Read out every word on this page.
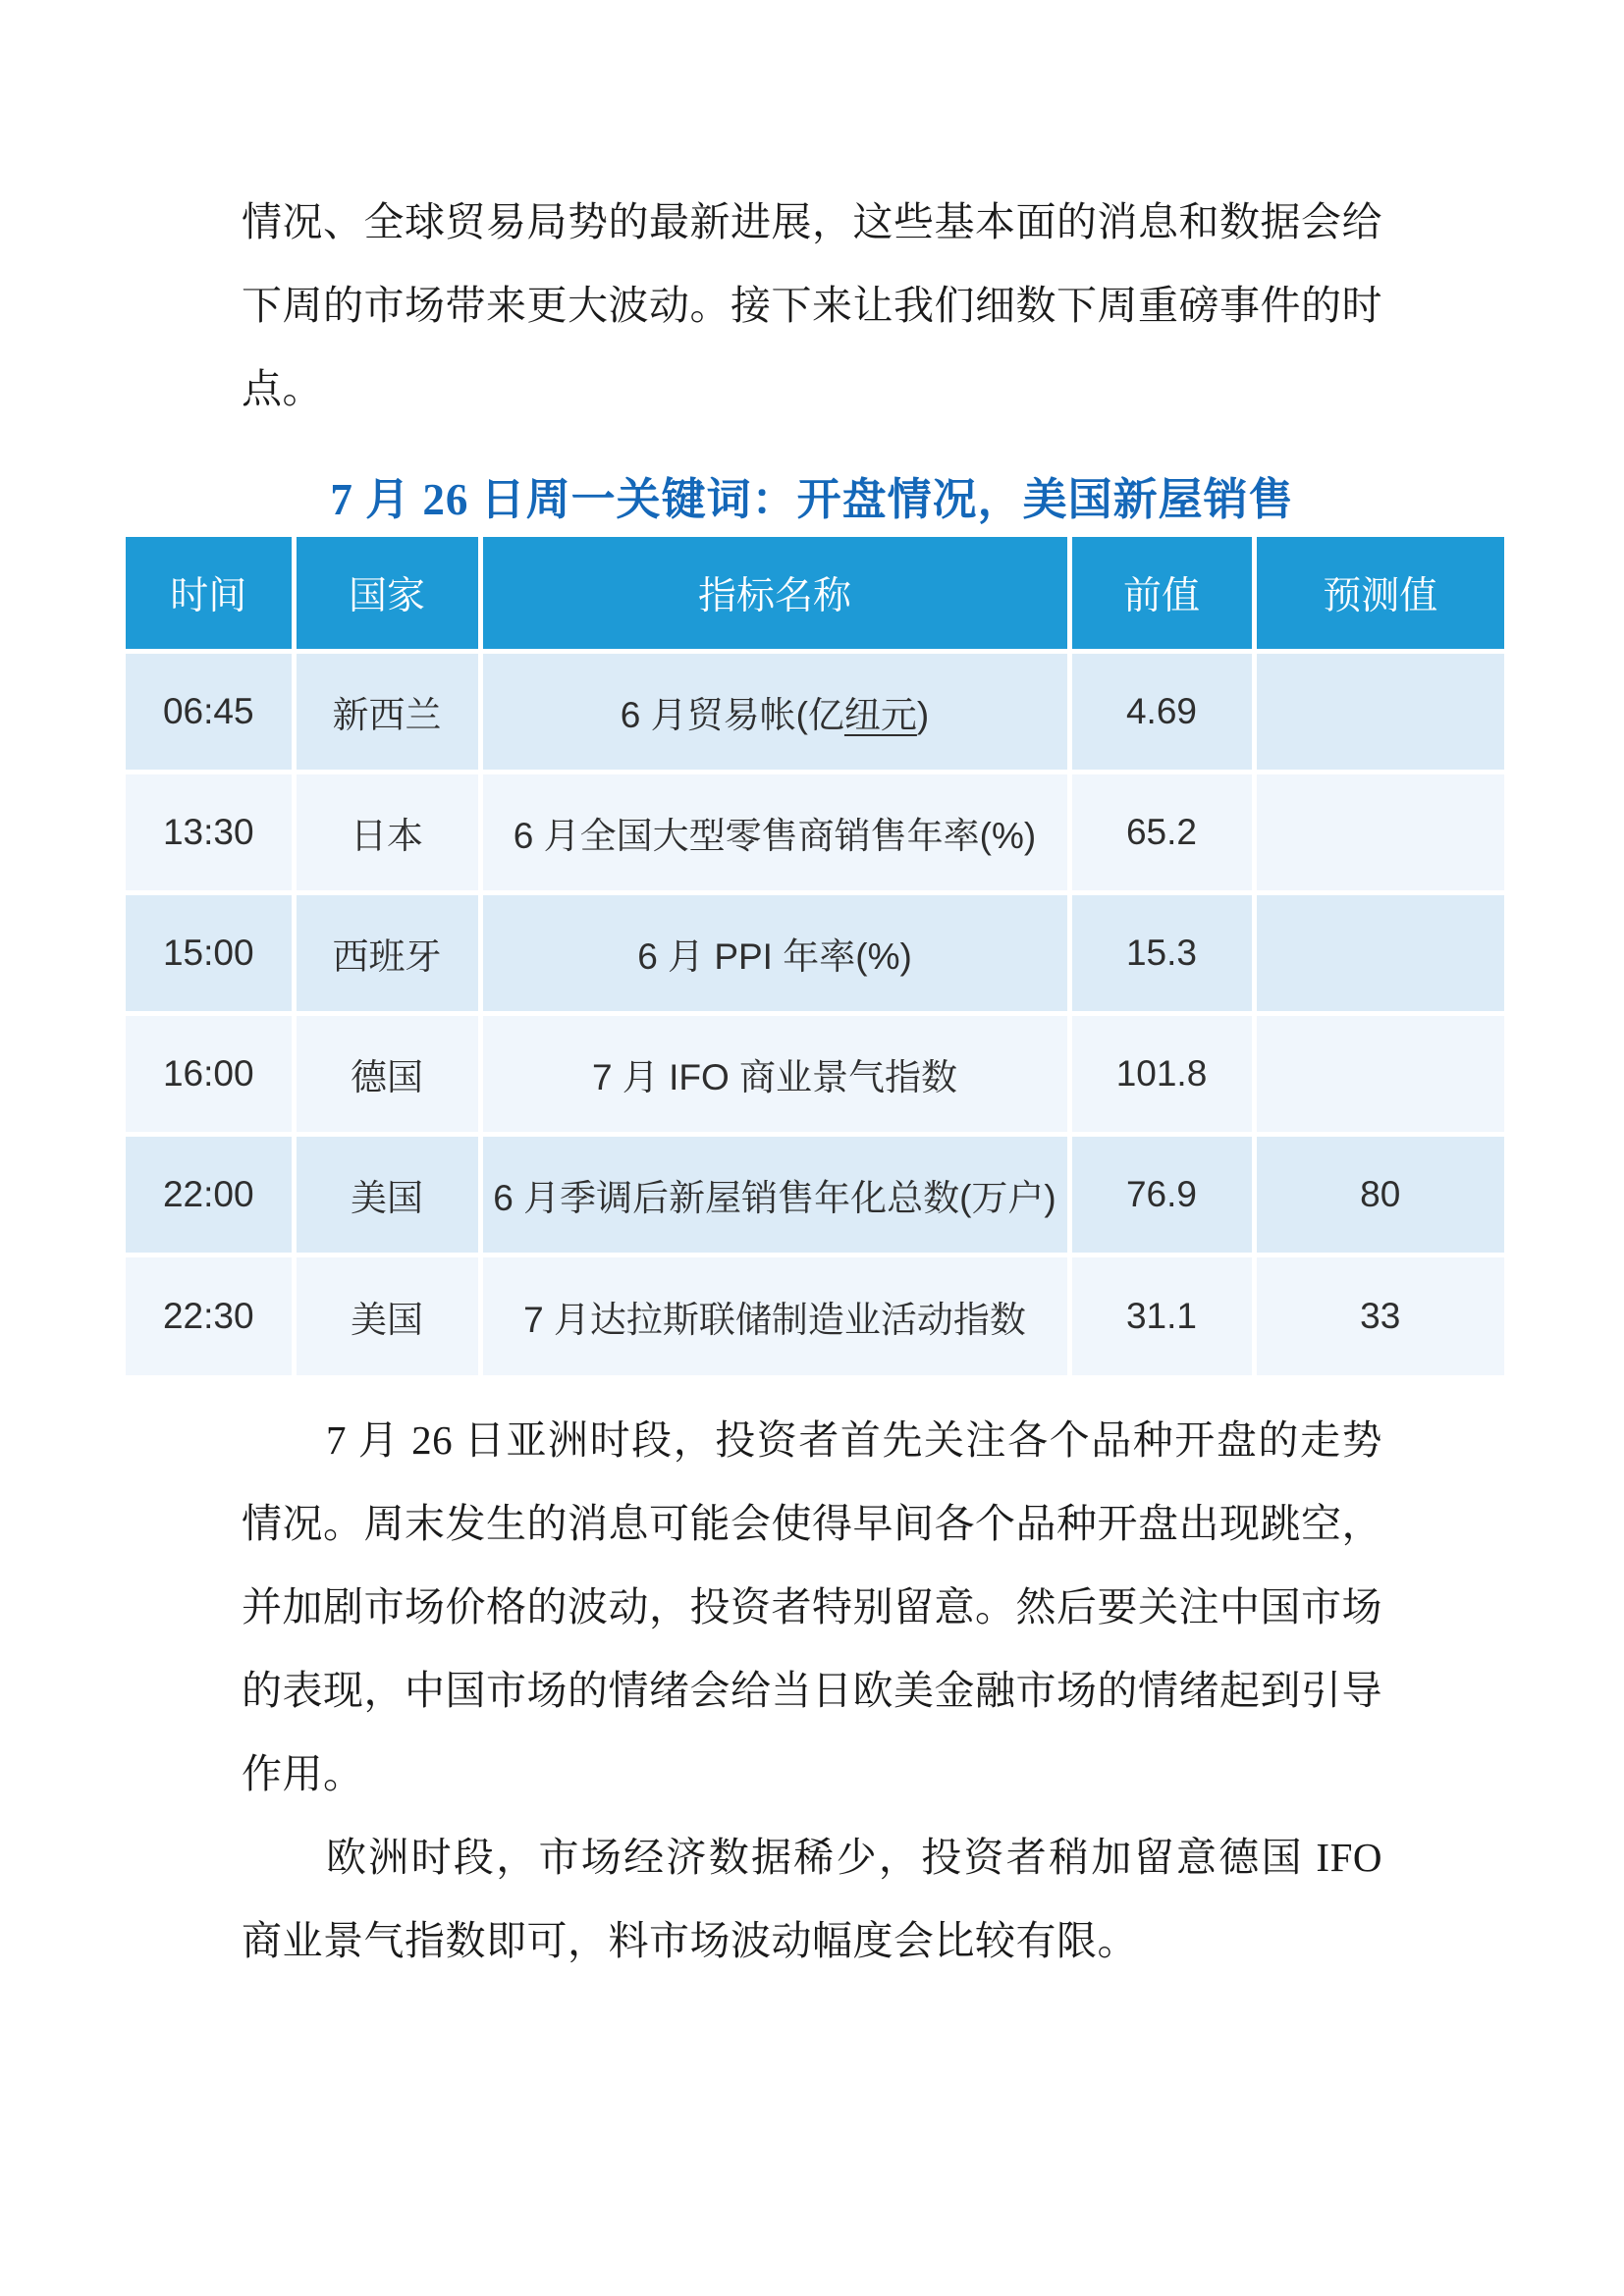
情况、全球贸易局势的最新进展，这些基本面的消息和数据会给下周的市场带来更大波动。接下来让我们细数下周重磅事件的时点。

7 月 26 日周一关键词：开盘情况，美国新屋销售
时间	国家	指标名称	前值	预测值
06:45	新西兰	6 月贸易帐(亿纽元)	4.69	
13:30	日本	6 月全国大型零售商销售年率(%)	65.2	
15:00	西班牙	6 月 PPI 年率(%)	15.3	
16:00	德国	7 月 IFO 商业景气指数	101.8	
22:00	美国	6 月季调后新屋销售年化总数(万户)	76.9	80
22:30	美国	7 月达拉斯联储制造业活动指数	31.1	33

7 月 26 日亚洲时段，投资者首先关注各个品种开盘的走势情况。周末发生的消息可能会使得早间各个品种开盘出现跳空，并加剧市场价格的波动，投资者特别留意。然后要关注中国市场的表现，中国市场的情绪会给当日欧美金融市场的情绪起到引导作用。

欧洲时段，市场经济数据稀少，投资者稍加留意德国 IFO 商业景气指数即可，料市场波动幅度会比较有限。
